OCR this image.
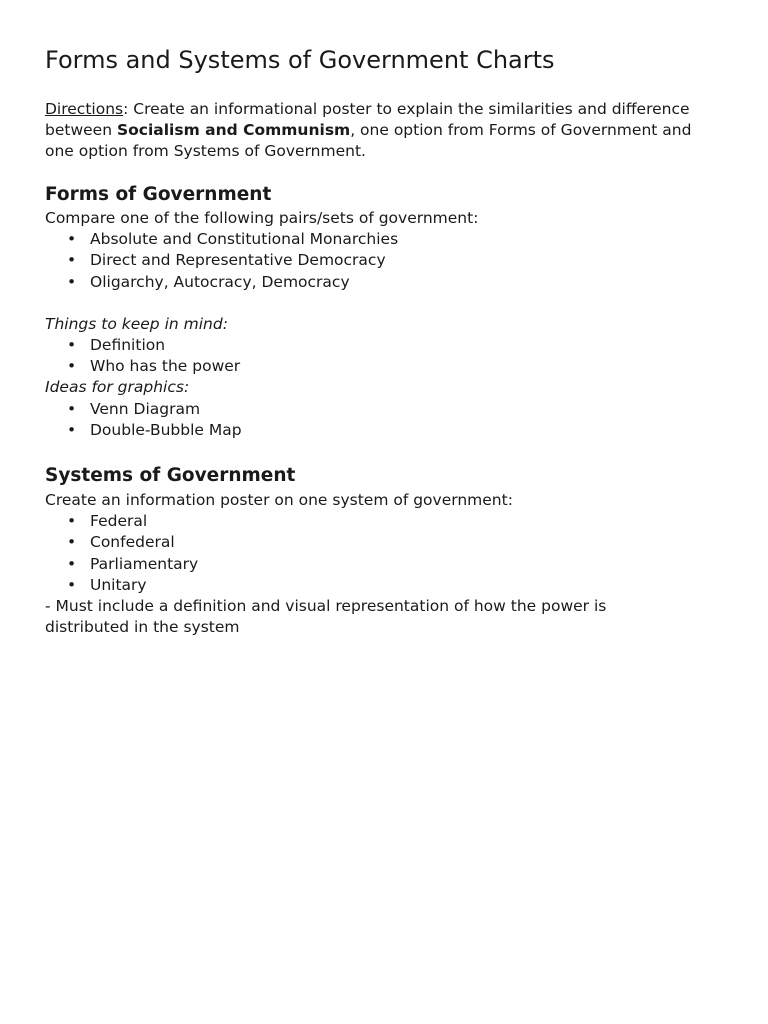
Forms and Systems of Government Charts
Directions: Create an informational poster to explain the similarities and difference between Socialism and Communism, one option from Forms of Government and one option from Systems of Government.
Forms of Government
Compare one of the following pairs/sets of government:
• Absolute and Constitutional Monarchies
• Direct and Representative Democracy
• Oligarchy, Autocracy, Democracy
Things to keep in mind:
• Definition
• Who has the power
Ideas for graphics:
• Venn Diagram
• Double-Bubble Map
Systems of Government
Create an information poster on one system of government:
• Federal
• Confederal
• Parliamentary
• Unitary
- Must include a definition and visual representation of how the power is distributed in the system
